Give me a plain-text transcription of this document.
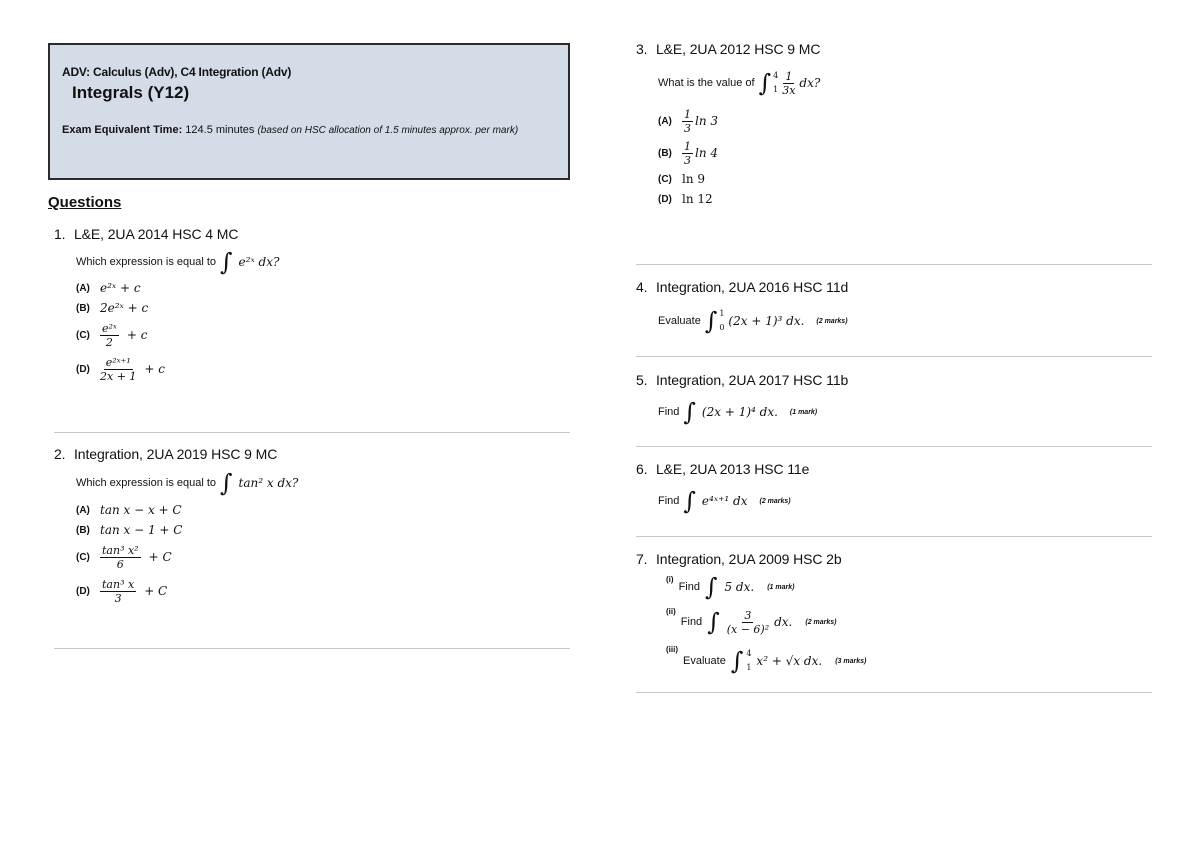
ADV: Calculus (Adv), C4 Integration (Adv)
Integrals (Y12)
Exam Equivalent Time: 124.5 minutes (based on HSC allocation of 1.5 minutes approx. per mark)
Questions
1. L&E, 2UA 2014 HSC 4 MC
Which expression is equal to ∫ e²ˣ dx?
(A) e²ˣ + c
(B) 2e²ˣ + c
$(C) \frac{\text{e²ˣ}}{2} + c$
$(D) \frac{\text{e²ˣ⁺¹}}{2x + 1} + c$
2. Integration, 2UA 2019 HSC 9 MC
Which expression is equal to ∫ tan² x dx?
(A) tan x − x + C
(B) tan x − 1 + C
$(C) \frac{\text{tan³ x²}}{6} + C$
$(D) \frac{\text{tan³ x}}{3} + C$
3. L&E, 2UA 2012 HSC 9 MC
What is the value of ∫ 4
$1 \frac{1}{3x}$ dx?
$(A) \frac{1}{3}$ ln 3
$(B) \frac{1}{3}$ ln 4
(C) ln 9
(D) ln 12
4. Integration, 2UA 2016 HSC 11d
Evaluate ∫ 1
0 (2x + 1)³ dx. (2 marks)
5. Integration, 2UA 2017 HSC 11b
Find ∫ (2x + 1)⁴ dx. (1 mark)
6. L&E, 2UA 2013 HSC 11e
Find ∫ e⁴ˣ⁺¹ dx (2 marks)
7. Integration, 2UA 2009 HSC 2b
(i)
Find ∫ 5 dx. (1 mark)
(ii)
Find ∫ $\frac{3}{\text{(x − 6)²}}$ dx. (2 marks)
(iii)
Evaluate ∫ 4
1 x² + √x dx. (3 marks)
